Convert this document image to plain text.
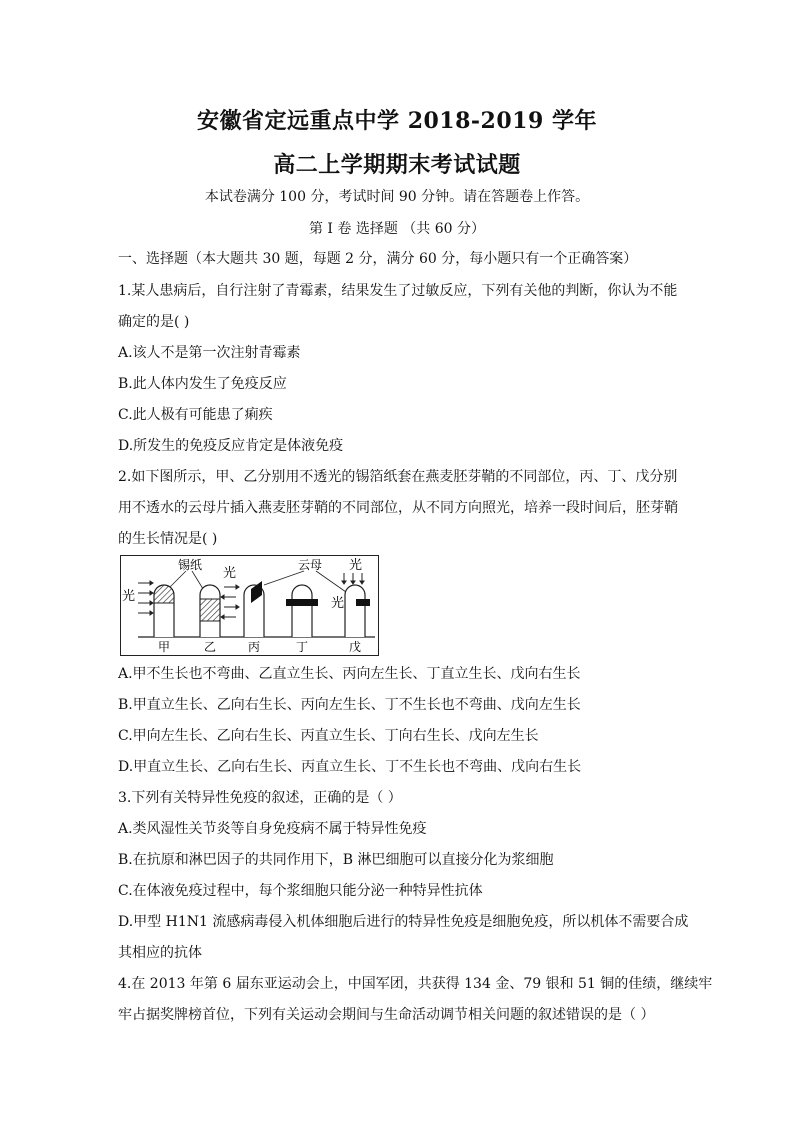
安徽省定远重点中学 2018-2019 学年
高二上学期期末考试试题
本试卷满分 100 分，考试时间 90 分钟。请在答题卷上作答。
第 I 卷 选择题 （共 60 分）
一、选择题（本大题共 30 题，每题 2 分，满分 60 分，每小题只有一个正确答案）
1.某人患病后，自行注射了青霉素，结果发生了过敏反应，下列有关他的判断，你认为不能
确定的是( )
A.该人不是第一次注射青霉素
B.此人体内发生了免疫反应
C.此人极有可能患了痢疾
D.所发生的免疫反应肯定是体液免疫
2.如下图所示，甲、乙分别用不透光的锡箔纸套在燕麦胚芽鞘的不同部位，丙、丁、戊分别
用不透水的云母片插入燕麦胚芽鞘的不同部位，从不同方向照光，培养一段时间后，胚芽鞘
的生长情况是( )
光
锡纸
光
云母
光
光
甲	乙	丙	丁	戊
A.甲不生长也不弯曲、乙直立生长、丙向左生长、丁直立生长、戊向右生长
B.甲直立生长、乙向右生长、丙向左生长、丁不生长也不弯曲、戊向左生长
C.甲向左生长、乙向右生长、丙直立生长、丁向右生长、戊向左生长
D.甲直立生长、乙向右生长、丙直立生长、丁不生长也不弯曲、戊向右生长
3.下列有关特异性免疫的叙述，正确的是（ ）
A.类风湿性关节炎等自身免疫病不属于特异性免疫
B.在抗原和淋巴因子的共同作用下，B 淋巴细胞可以直接分化为浆细胞
C.在体液免疫过程中，每个浆细胞只能分泌一种特异性抗体
D.甲型 H1N1 流感病毒侵入机体细胞后进行的特异性免疫是细胞免疫，所以机体不需要合成
其相应的抗体
4.在 2013 年第 6 届东亚运动会上，中国军团，共获得 134 金、79 银和 51 铜的佳绩，继续牢
牢占据奖牌榜首位，下列有关运动会期间与生命活动调节相关问题的叙述错误的是（ ）
